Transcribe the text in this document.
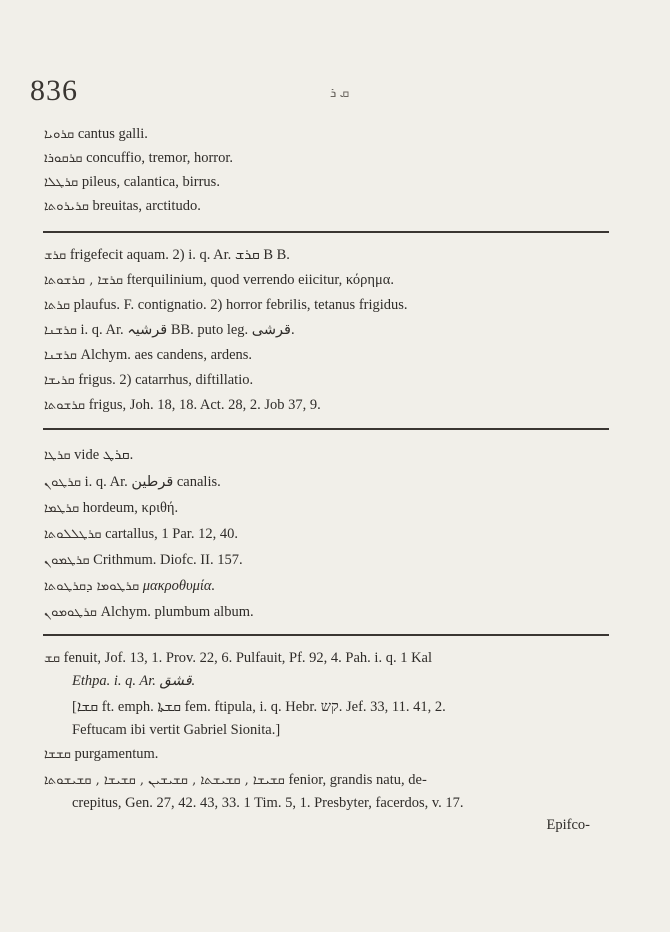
836	ܩ ܪ
ܩܪܘܝܐ cantus galli.
ܩܪܩܘܪܐ concuffio, tremor, horror.
ܩܪܛܠܐ pileus, calantica, birrus.
ܩܪܝܪܘܬܐ breuitas, arctitudo.
ܩܪܫ frigefecit aquam. 2) i. q. Ar. ܩܪܫ B B.
ܩܪܫܐ , ܩܪܫܘܬܐ fterquilinium, quod verrendo eiicitur, κόρημα.
ܩܪܬܐ plaufus. F. contignatio. 2) horror febrilis, tetanus frigidus.
ܩܪܫܢܐ i. q. Ar. قرشیہ BB. puto leg. قرشی.
ܩܪܫܢܐ Alchym. aes candens, ardens.
ܩܪܝܫܐ frigus. 2) catarrhus, diftillatio.
ܩܪܫܘܬܐ frigus, Joh. 18, 18. Act. 28, 2. Job 37, 9.
ܩܪܛܐ vide ܩܪܛ.
ܩܪܛܘܢ i. q. Ar. قرطین canalis.
ܩܪܛܡܐ hordeum, κριθή.
ܩܪܛܠܠܘܬܐ cartallus, 1 Par. 12, 40.
ܩܪܛܡܘܢ Crithmum. Diofc. II. 157.
ܩܪܛܘܡܐ ܕܩܪܛܘܬܐ μακροθυμία.
ܩܪܛܘܡܘܢ Alchym. plumbum album.
ܩܫ fenuit, Jof. 13, 1. Prov. 22, 6. Pulfauit, Pf. 92, 4. Pah. i. q. 1 Kal
Ethpa. i. q. Ar. قشق.
[ܩܫܐ ft. emph. ܩܫܬܐ fem. ftipula, i. q. Hebr. קש. Jef. 33, 11. 41, 2.
Feftucam ibi vertit Gabriel Sionita.]
ܩܫܫܐ purgamentum.
ܩܫܝܫܐ , ܩܫܝܫܬܐ , ܩܫܝܫܝܢ , ܩܫܝܫܐ , ܩܫܝܫܘܬܐ fenior, grandis natu, de-
crepitus, Gen. 27, 42. 43, 33. 1 Tim. 5, 1. Presbyter, facerdos, v. 17.
Epifco-
